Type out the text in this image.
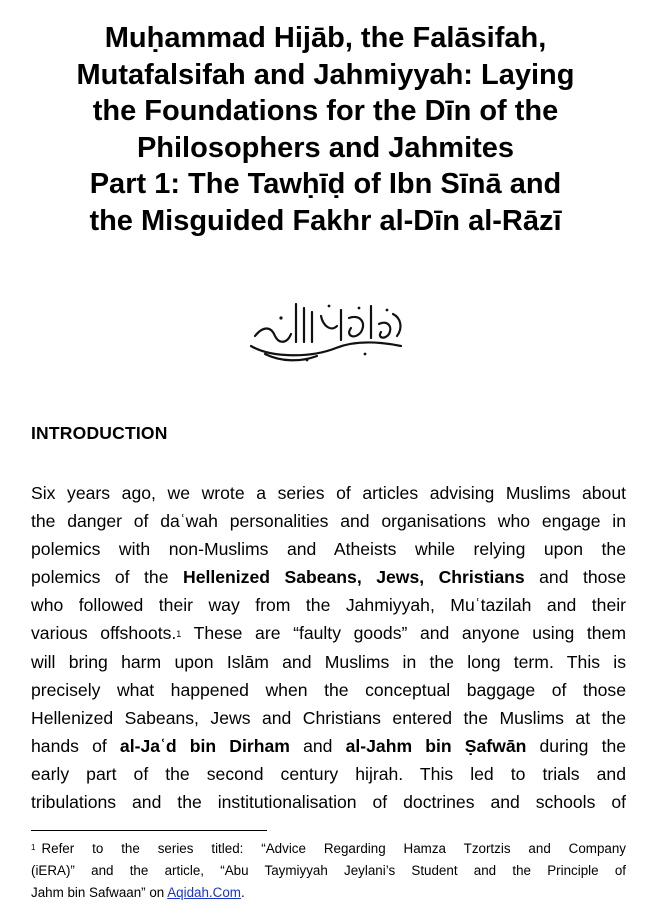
Muḥammad Hijāb, the Falāsifah,
Mutafalsifah and Jahmiyyah: Laying
the Foundations for the Dīn of the
Philosophers and Jahmites
Part 1: The Tawḥīḍ of Ibn Sīnā and
the Misguided Fakhr al-Dīn al-Rāzī
INTRODUCTION

Six years ago, we wrote a series of articles advising Muslims about
the danger of daʿwah personalities and organisations who engage in
polemics with non-Muslims and Atheists while relying upon the
polemics of the Hellenized Sabeans, Jews, Christians and those
who followed their way from the Jahmiyyah, Muʿtazilah and their
various offshoots.$^1$ These are “faulty goods” and anyone using them
will bring harm upon Islām and Muslims in the long term. This is
precisely what happened when the conceptual baggage of those
Hellenized Sabeans, Jews and Christians entered the Muslims at the
hands of al-Jaʿd bin Dirham and al-Jahm bin Ṣafwān during the
early part of the second century hijrah. This led to trials and
tribulations and the institutionalisation of doctrines and schools of

$^1$ Refer to the series titled: “Advice Regarding Hamza Tzortzis and Company
(iERA)” and the article, “Abu Taymiyyah Jeylani’s Student and the Principle of
Jahm bin Safwaan” on Aqidah.Com.
